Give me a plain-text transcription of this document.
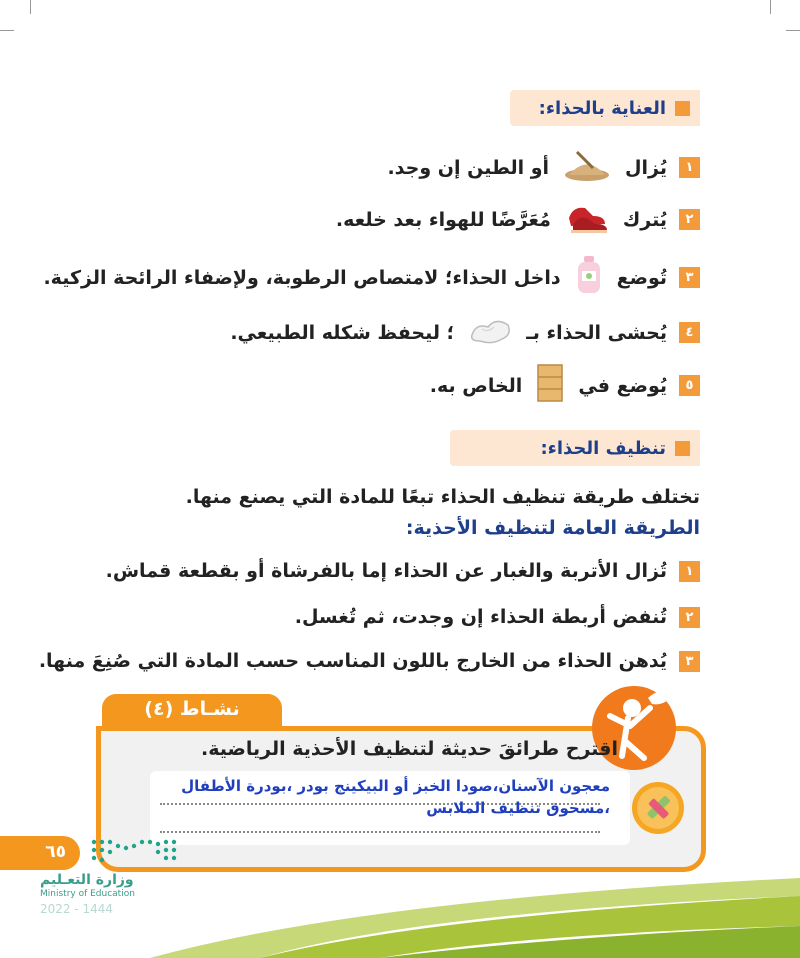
العناية بالحذاء:
١
يُزال
أو الطين إن وجد.
٢
يُترك
مُعَرَّضًا للهواء بعد خلعه.
٣
تُوضع
داخل الحذاء؛ لامتصاص الرطوبة، ولإضفاء الرائحة الزكية.
٤
يُحشى الحذاء بـ
؛ ليحفظ شكله الطبيعي.
٥
يُوضع في
الخاص به.
تنظيف الحذاء:
تختلف طريقة تنظيف الحذاء تبعًا للمادة التي يصنع منها.
الطريقة العامة لتنظيف الأحذية:
١
تُزال الأتربة والغبار عن الحذاء إما بالفرشاة أو بقطعة قماش.
٢
تُنفض أربطة الحذاء إن وجدت، ثم تُغسل.
٣
يُدهن الحذاء من الخارج باللون المناسب حسب المادة التي صُنِعَ منها.
نشـاط (٤)
اقترح طرائقَ حديثة لتنظيف الأحذية الرياضية.
معجون الآسنان،صودا الخبز أو البيكينج بودر ،بودرة الأطفال ،مسحوق تنظيف الملابس
٦٥
وزارة التعـليم
Ministry of Education
2022 - 1444
